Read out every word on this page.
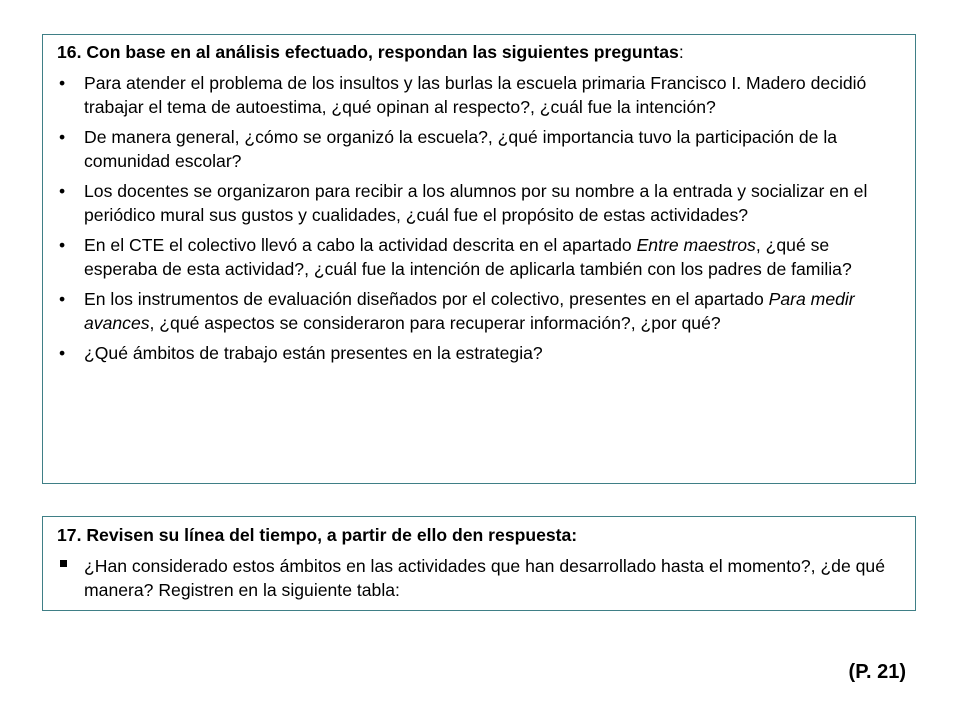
16. Con base en al análisis efectuado, respondan las siguientes preguntas:
• Para atender el problema de los insultos y las burlas la escuela primaria Francisco I. Madero decidió trabajar el tema de autoestima, ¿qué opinan al respecto?, ¿cuál fue la intención?
• De manera general, ¿cómo se organizó la escuela?, ¿qué importancia tuvo la participación de la comunidad escolar?
• Los docentes se organizaron para recibir a los alumnos por su nombre a la entrada y socializar en el periódico mural sus gustos y cualidades, ¿cuál fue el propósito de estas actividades?
• En el CTE el colectivo llevó a cabo la actividad descrita en el apartado Entre maestros, ¿qué se esperaba de esta actividad?, ¿cuál fue la intención de aplicarla también con los padres de familia?
• En los instrumentos de evaluación diseñados por el colectivo, presentes en el apartado Para medir avances, ¿qué aspectos se consideraron para recuperar información?, ¿por qué?
• ¿Qué ámbitos de trabajo están presentes en la estrategia?
17. Revisen su línea del tiempo, a partir de ello den respuesta:
¿Han considerado estos ámbitos en las actividades que han desarrollado hasta el momento?, ¿de qué manera? Registren en la siguiente tabla:
(P. 21)
